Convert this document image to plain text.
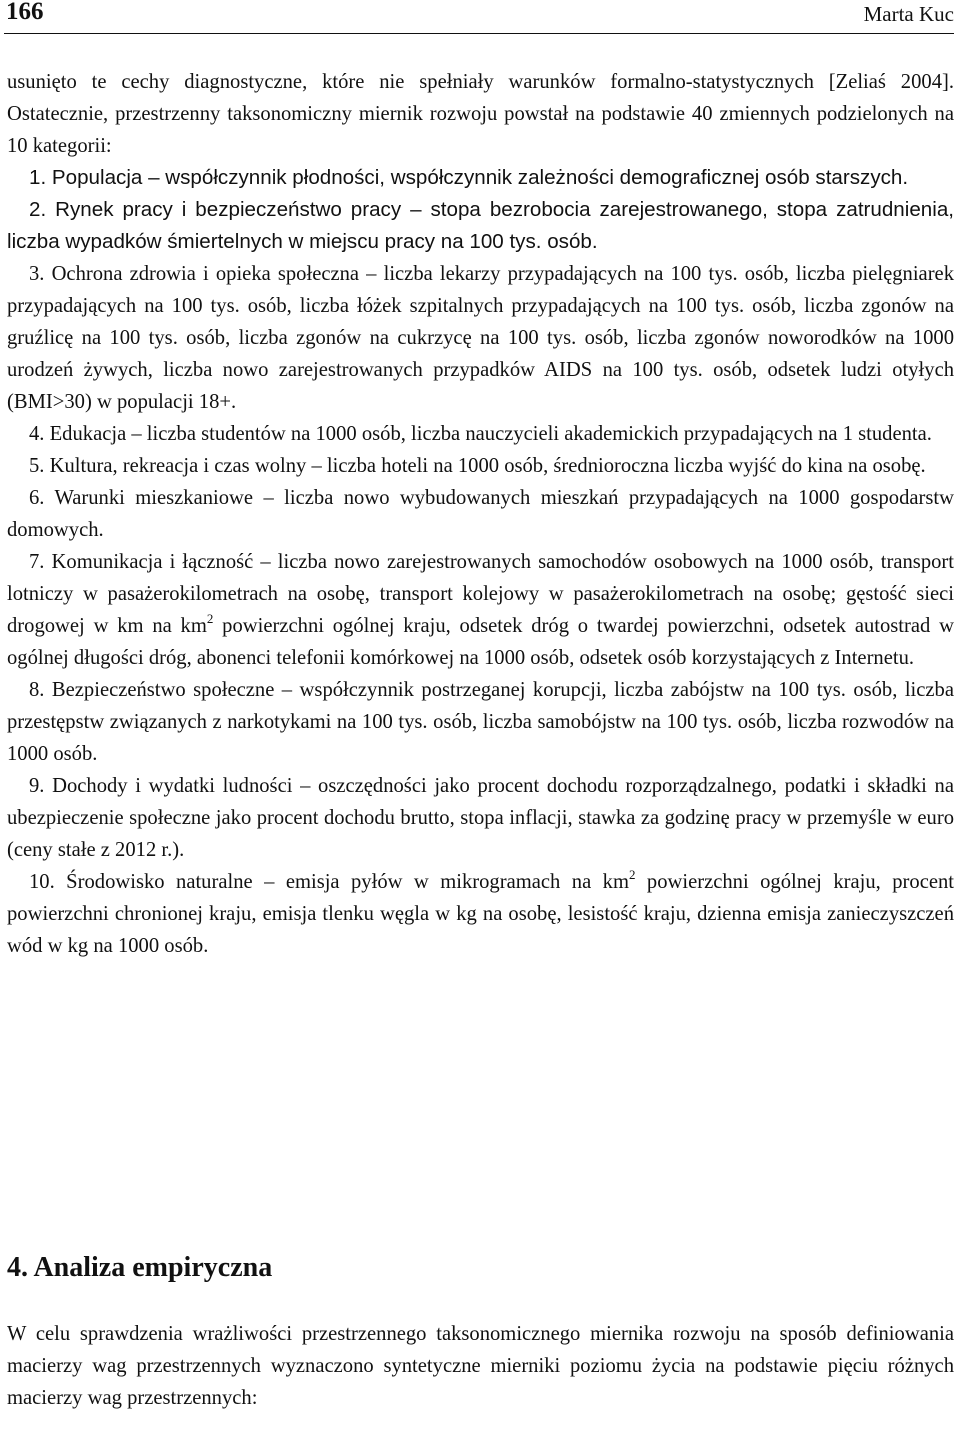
166	Marta Kuc

usunięto te cechy diagnostyczne, które nie spełniały warunków formalno-statystycznych [Zeliaś 2004]. Ostatecznie, przestrzenny taksonomiczny miernik rozwoju powstał na podstawie 40 zmiennych podzielonych na 10 kategorii:

1. Populacja – współczynnik płodności, współczynnik zależności demograficznej osób starszych.

2. Rynek pracy i bezpieczeństwo pracy – stopa bezrobocia zarejestrowanego, stopa zatrudnienia, liczba wypadków śmiertelnych w miejscu pracy na 100 tys. osób.

3. Ochrona zdrowia i opieka społeczna – liczba lekarzy przypadających na 100 tys. osób, liczba pielęgniarek przypadających na 100 tys. osób, liczba łóżek szpitalnych przypadających na 100 tys. osób, liczba zgonów na gruźlicę na 100 tys. osób, liczba zgonów na cukrzycę na 100 tys. osób, liczba zgonów noworodków na 1000 urodzeń żywych, liczba nowo zarejestrowanych przypadków AIDS na 100 tys. osób, odsetek ludzi otyłych (BMI>30) w populacji 18+.

4. Edukacja – liczba studentów na 1000 osób, liczba nauczycieli akademickich przypadających na 1 studenta.

5. Kultura, rekreacja i czas wolny – liczba hoteli na 1000 osób, średnioroczna liczba wyjść do kina na osobę.

6. Warunki mieszkaniowe – liczba nowo wybudowanych mieszkań przypadających na 1000 gospodarstw domowych.

7. Komunikacja i łączność – liczba nowo zarejestrowanych samochodów osobowych na 1000 osób, transport lotniczy w pasażerokilometrach na osobę, transport kolejowy w pasażerokilometrach na osobę; gęstość sieci drogowej w km na $km^2$ powierzchni ogólnej kraju, odsetek dróg o twardej powierzchni, odsetek autostrad w ogólnej długości dróg, abonenci telefonii komórkowej na 1000 osób, odsetek osób korzystających z Internetu.

8. Bezpieczeństwo społeczne – współczynnik postrzeganej korupcji, liczba zabójstw na 100 tys. osób, liczba przestępstw związanych z narkotykami na 100 tys. osób, liczba samobójstw na 100 tys. osób, liczba rozwodów na 1000 osób.

9. Dochody i wydatki ludności – oszczędności jako procent dochodu rozporządzalnego, podatki i składki na ubezpieczenie społeczne jako procent dochodu brutto, stopa inflacji, stawka za godzinę pracy w przemyśle w euro (ceny stałe z 2012 r.).

10. Środowisko naturalne – emisja pyłów w mikrogramach na $km^2$ powierzchni ogólnej kraju, procent powierzchni chronionej kraju, emisja tlenku węgla w kg na osobę, lesistość kraju, dzienna emisja zanieczyszczeń wód w kg na 1000 osób.

4. Analiza empiryczna

W celu sprawdzenia wrażliwości przestrzennego taksonomicznego miernika rozwoju na sposób definiowania macierzy wag przestrzennych wyznaczono syntetyczne mierniki poziomu życia na podstawie pięciu różnych macierzy wag przestrzennych:
